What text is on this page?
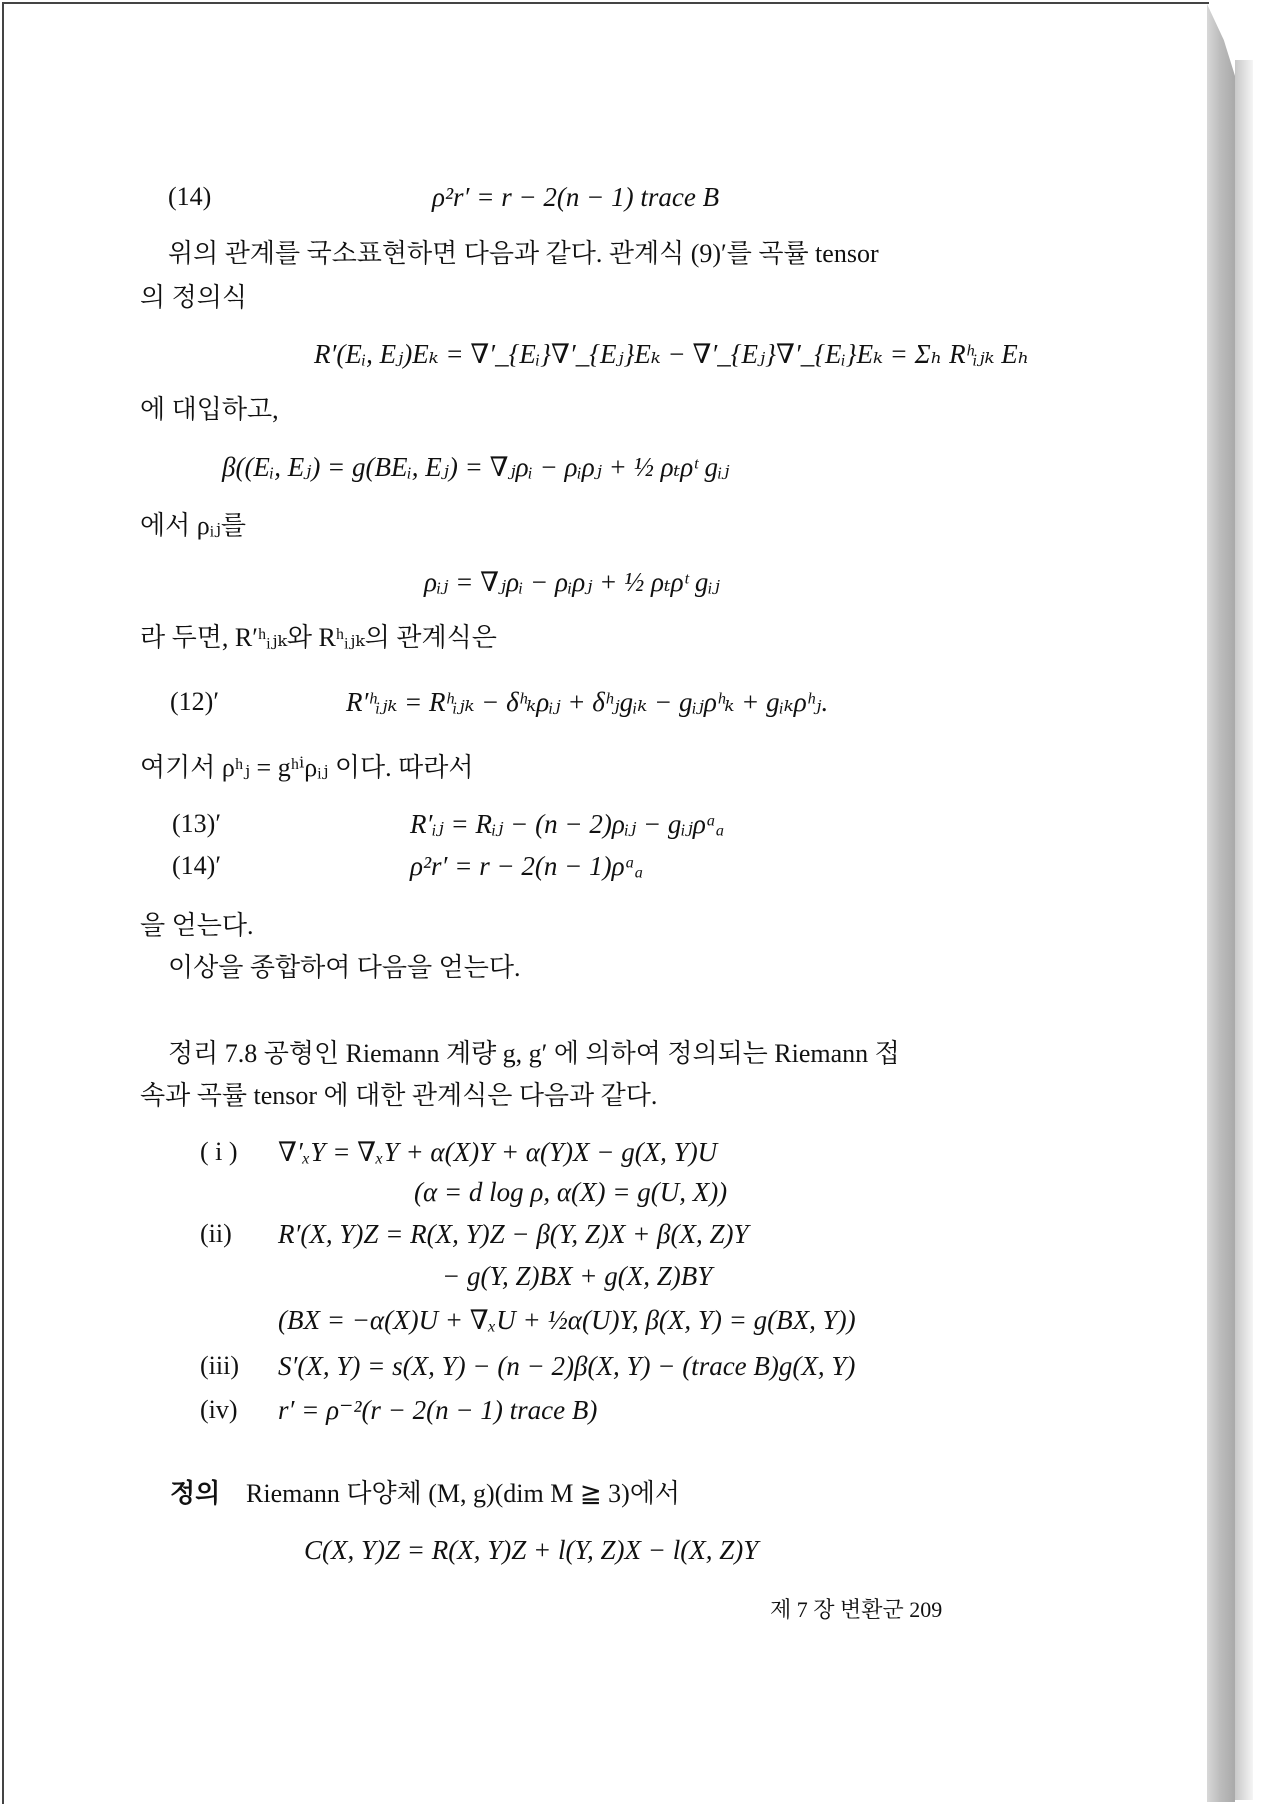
(14)	ρ²r′ = r − 2(n − 1) trace B
위의 관계를 국소표현하면 다음과 같다. 관계식 (9)′를 곡률 tensor
의 정의식
R′(Eᵢ, Eⱼ)Eₖ = ∇′_{Eᵢ}∇′_{Eⱼ}Eₖ − ∇′_{Eⱼ}∇′_{Eᵢ}Eₖ = Σₕ Rʰᵢⱼₖ Eₕ
에 대입하고,
β((Eᵢ, Eⱼ) = g(BEᵢ, Eⱼ) = ∇ⱼρᵢ − ρᵢρⱼ + ½ ρₜρᵗ gᵢⱼ
에서 ρᵢⱼ를
ρᵢⱼ = ∇ⱼρᵢ − ρᵢρⱼ + ½ ρₜρᵗ gᵢⱼ
라 두면, R′ʰᵢⱼₖ와 Rʰᵢⱼₖ의 관계식은
(12)′	R′ʰᵢⱼₖ = Rʰᵢⱼₖ − δʰₖρᵢⱼ + δʰⱼgᵢₖ − gᵢⱼρʰₖ + gᵢₖρʰⱼ.
여기서 ρʰⱼ = gʰⁱρᵢⱼ 이다. 따라서
(13)′	R′ᵢⱼ = Rᵢⱼ − (n − 2)ρᵢⱼ − gᵢⱼρᵃₐ
(14)′	ρ²r′ = r − 2(n − 1)ρᵃₐ
을 얻는다.
이상을 종합하여 다음을 얻는다.
정리 7.8 공형인 Riemann 계량 g, g′ 에 의하여 정의되는 Riemann 접
속과 곡률 tensor 에 대한 관계식은 다음과 같다.
( i ) ∇′ₓY = ∇ₓY + α(X)Y + α(Y)X − g(X, Y)U
(α = d log ρ, α(X) = g(U, X))
(ii) R′(X, Y)Z = R(X, Y)Z − β(Y, Z)X + β(X, Z)Y
− g(Y, Z)BX + g(X, Z)BY
(BX = −α(X)U + ∇ₓU + ½α(U)Y, β(X, Y) = g(BX, Y))
(iii) S′(X, Y) = s(X, Y) − (n − 2)β(X, Y) − (trace B)g(X, Y)
(iv) r′ = ρ⁻²(r − 2(n − 1) trace B)
정의 Riemann 다양체 (M, g)(dim M ≧ 3)에서
C(X, Y)Z = R(X, Y)Z + l(Y, Z)X − l(X, Z)Y
제 7 장 변환군 209
